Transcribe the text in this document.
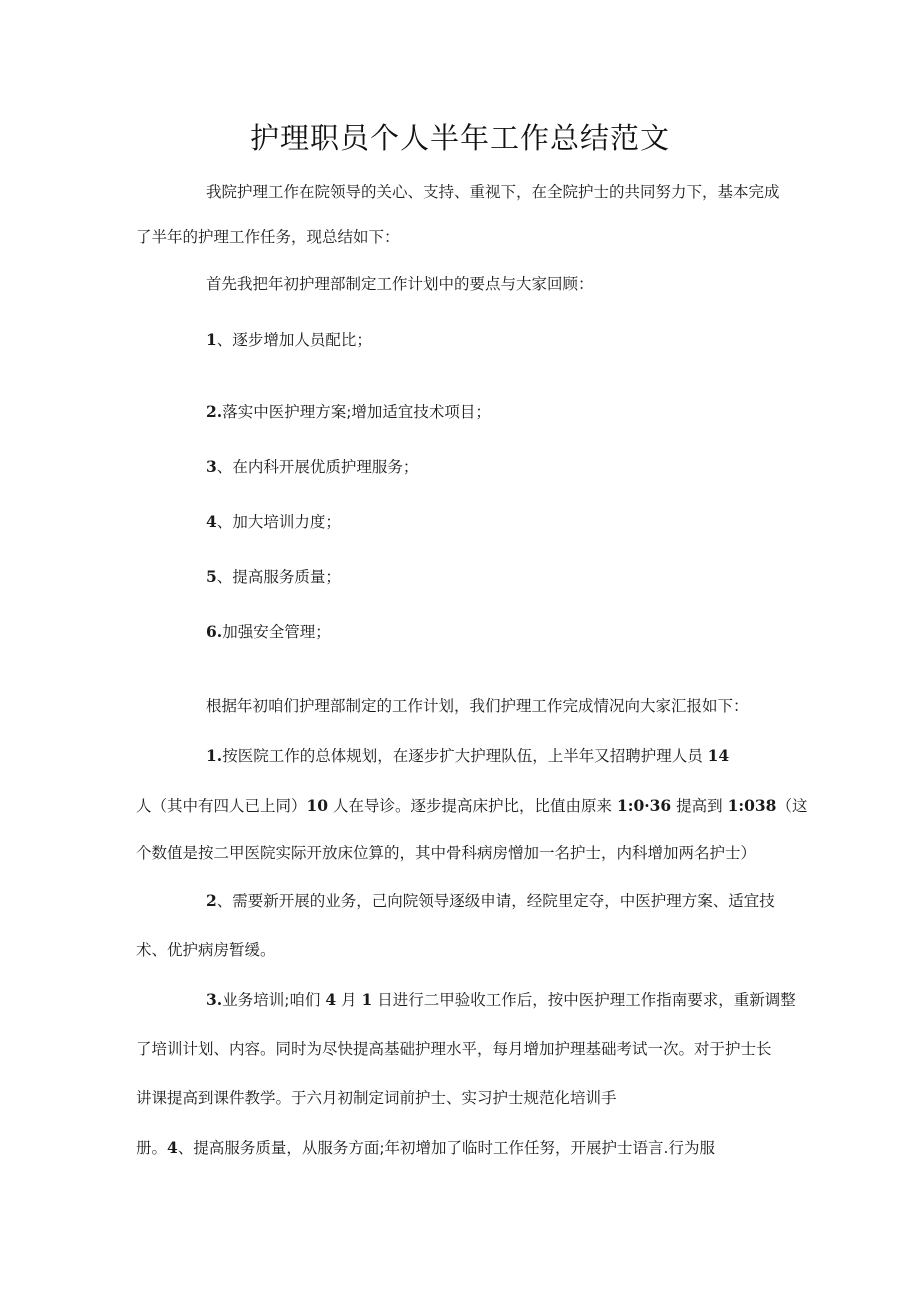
护理职员个人半年工作总结范文
我院护理工作在院领导的关心、支持、重视下，在全院护士的共同努力下，基本完成
了半年的护理工作任务，现总结如下：
首先我把年初护理部制定工作计划中的要点与大家回顾：
1、逐步增加人员配比；
2.落实中医护理方案;增加适宜技术项目；
3、在内科开展优质护理服务；
4、加大培训力度；
5、提高服务质量；
6.加强安全管理；
根据年初咱们护理部制定的工作计划，我们护理工作完成情况向大家汇报如下：
1.按医院工作的总体规划，在逐步扩大护理队伍，上半年又招聘护理人员 14
人（其中有四人已上同）10 人在导诊。逐步提高床护比，比值由原来 1:0·36 提高到 1:038（这
个数值是按二甲医院实际开放床位算的，其中骨科病房憎加一名护士，内科增加两名护士）
2、需要新开展的业务，己向院领导逐级申请，经院里定夺，中医护理方案、适宜技
术、优护病房暂缓。
3.业务培训;咱们 4 月 1 日进行二甲验收工作后，按中医护理工作指南要求，重新调整
了培训计划、内容。同时为尽快提高基础护理水平，每月增加护理基础考试一次。对于护士长
讲课提高到课件教学。于六月初制定词前护士、实习护士规范化培训手
册。4、提高服务质量，从服务方面;年初增加了临时工作任努，开展护士语言.行为服
